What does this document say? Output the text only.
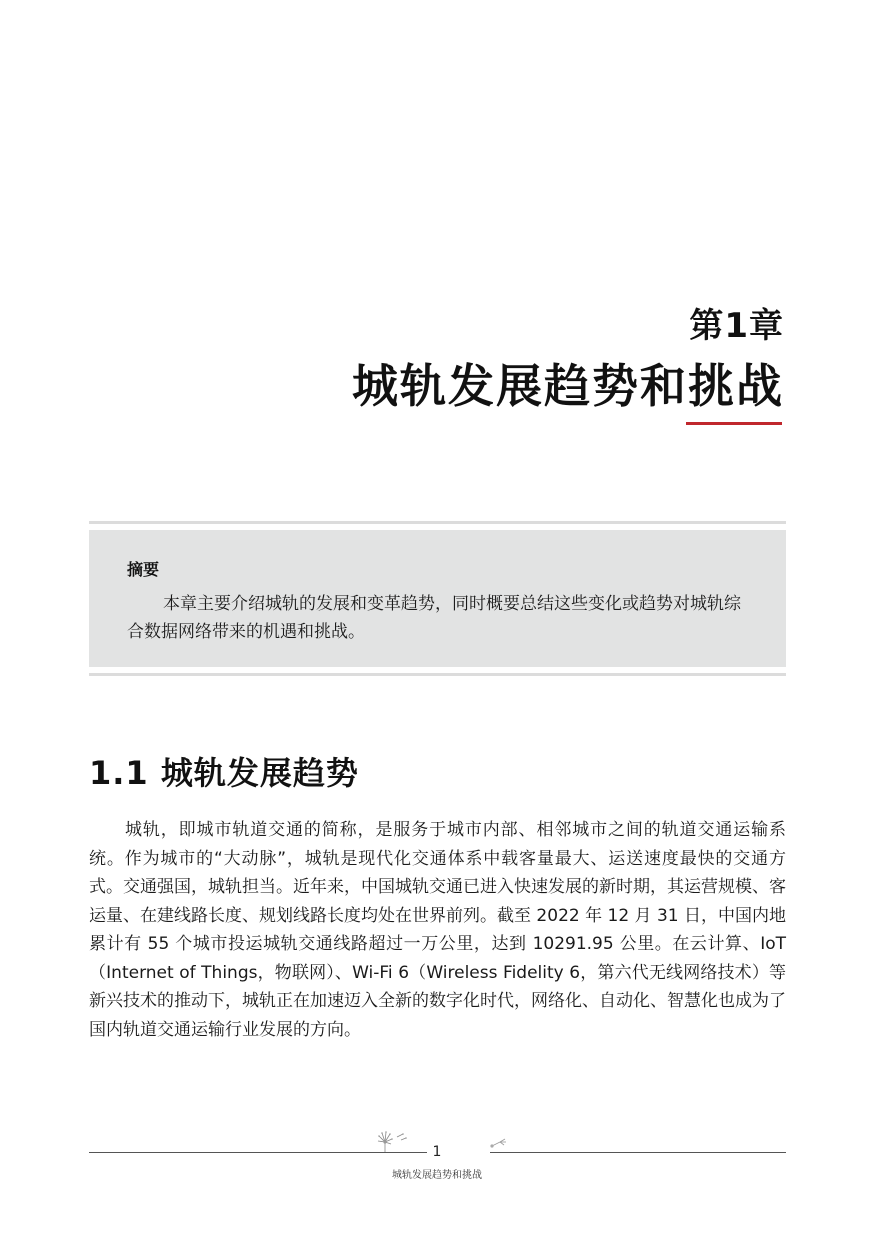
第1章
城轨发展趋势和挑战

摘要

本章主要介绍城轨的发展和变革趋势，同时概要总结这些变化或趋势对城轨综合数据网络带来的机遇和挑战。

1.1 城轨发展趋势

城轨，即城市轨道交通的简称，是服务于城市内部、相邻城市之间的轨道交通运输系统。作为城市的“大动脉”，城轨是现代化交通体系中载客量最大、运送速度最快的交通方式。交通强国，城轨担当。近年来，中国城轨交通已进入快速发展的新时期，其运营规模、客运量、在建线路长度、规划线路长度均处在世界前列。截至 2022 年 12 月 31 日，中国内地累计有 55 个城市投运城轨交通线路超过一万公里，达到 10291.95 公里。在云计算、IoT（Internet of Things，物联网）、Wi-Fi 6（Wireless Fidelity 6，第六代无线网络技术）等新兴技术的推动下，城轨正在加速迈入全新的数字化时代，网络化、自动化、智慧化也成为了国内轨道交通运输行业发展的方向。

1

城轨发展趋势和挑战
